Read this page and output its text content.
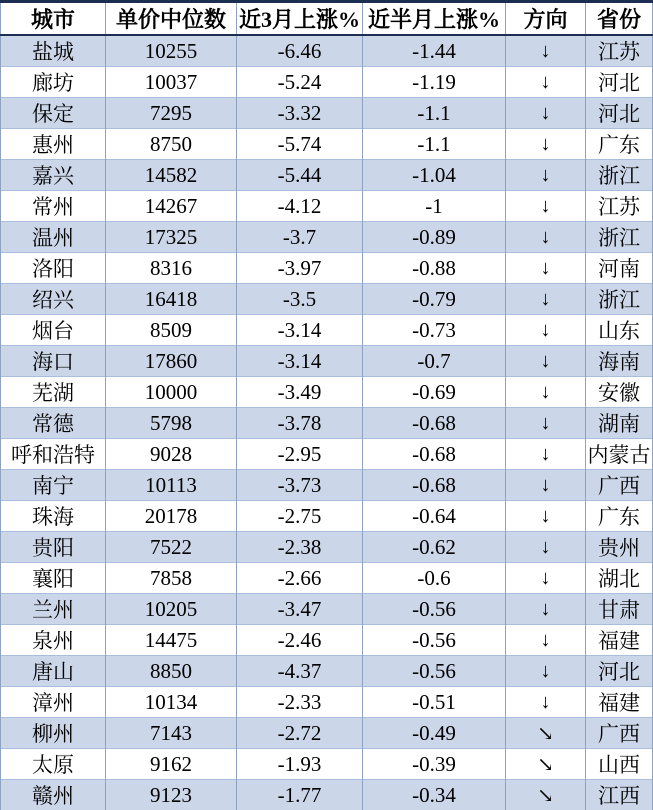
城市	单价中位数	近3月上涨%	近半月上涨%	方向	省份
盐城	10255	-6.46	-1.44	↓	江苏
廊坊	10037	-5.24	-1.19	↓	河北
保定	7295	-3.32	-1.1	↓	河北
惠州	8750	-5.74	-1.1	↓	广东
嘉兴	14582	-5.44	-1.04	↓	浙江
常州	14267	-4.12	-1	↓	江苏
温州	17325	-3.7	-0.89	↓	浙江
洛阳	8316	-3.97	-0.88	↓	河南
绍兴	16418	-3.5	-0.79	↓	浙江
烟台	8509	-3.14	-0.73	↓	山东
海口	17860	-3.14	-0.7	↓	海南
芜湖	10000	-3.49	-0.69	↓	安徽
常德	5798	-3.78	-0.68	↓	湖南
呼和浩特	9028	-2.95	-0.68	↓	内蒙古
南宁	10113	-3.73	-0.68	↓	广西
珠海	20178	-2.75	-0.64	↓	广东
贵阳	7522	-2.38	-0.62	↓	贵州
襄阳	7858	-2.66	-0.6	↓	湖北
兰州	10205	-3.47	-0.56	↓	甘肃
泉州	14475	-2.46	-0.56	↓	福建
唐山	8850	-4.37	-0.56	↓	河北
漳州	10134	-2.33	-0.51	↓	福建
柳州	7143	-2.72	-0.49	↘	广西
太原	9162	-1.93	-0.39	↘	山西
赣州	9123	-1.77	-0.34	↘	江西
